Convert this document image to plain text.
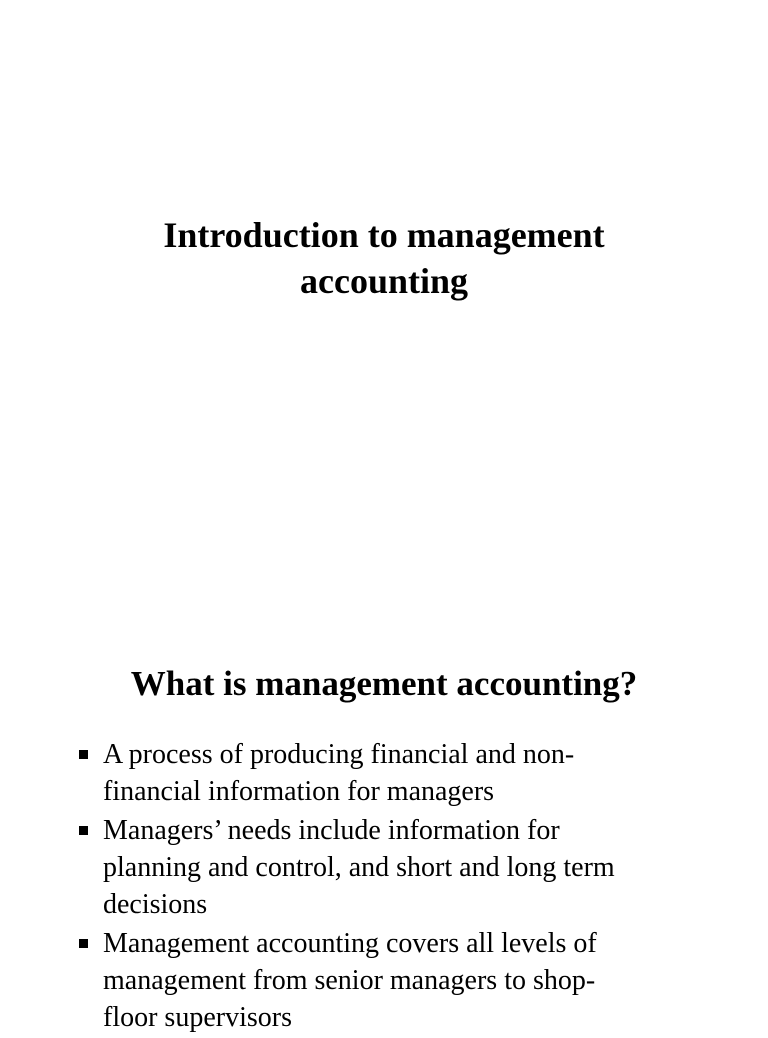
Introduction to management
accounting
What is management accounting?
A process of producing financial and non-
financial information for managers
Managers’ needs include information for
planning and control, and short and long term
decisions
Management accounting covers all levels of
management from senior managers to shop-
floor supervisors
